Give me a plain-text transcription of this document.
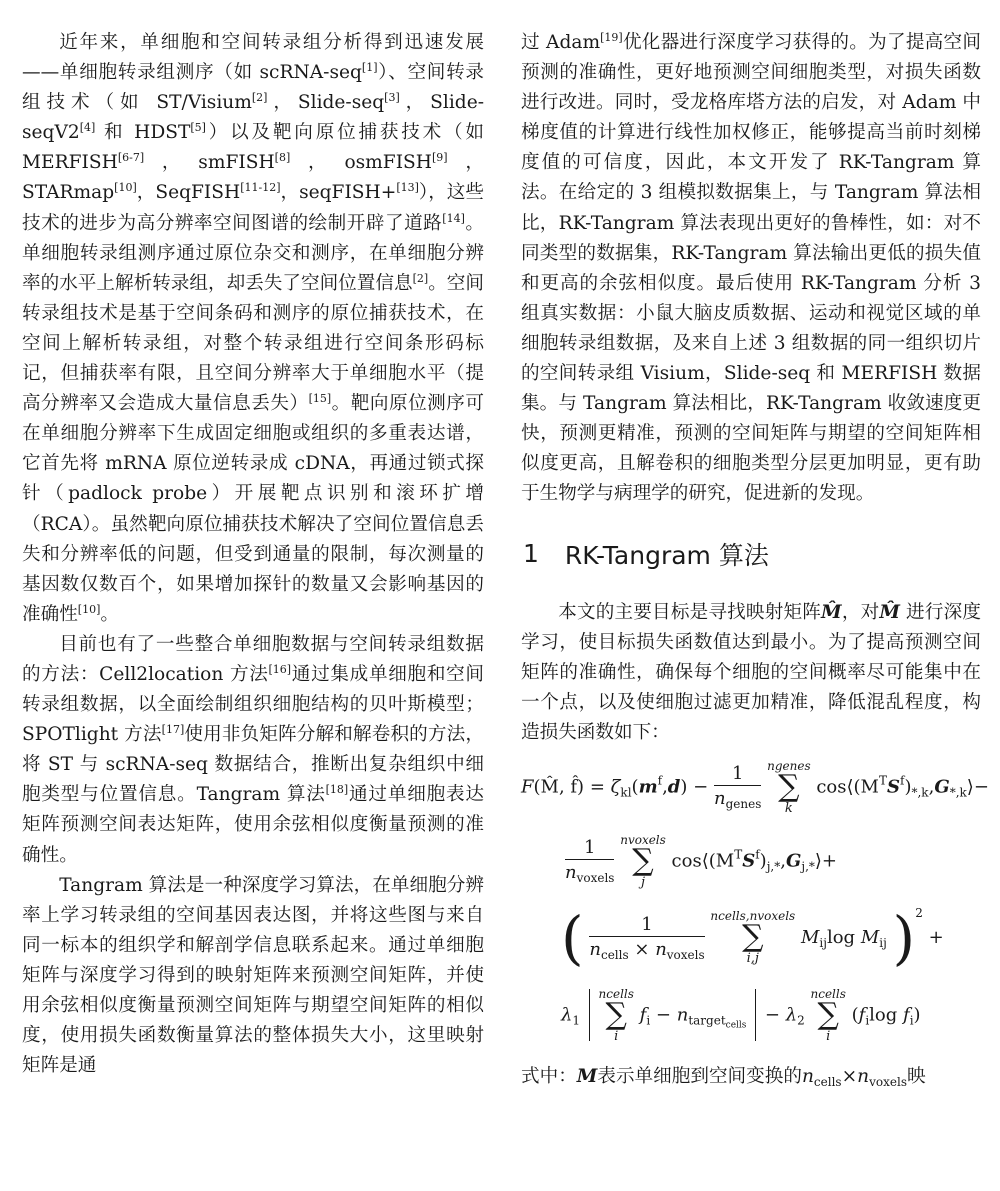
近年来，单细胞和空间转录组分析得到迅速发展——单细胞转录组测序（如 scRNA-seq[1]）、空间转录组技术（如 ST/Visium[2]，Slide-seq[3]，Slide-seqV2[4] 和 HDST[5]）以及靶向原位捕获技术（如 MERFISH[6-7]，smFISH[8]，osmFISH[9]，STARmap[10]，SeqFISH[11-12]，seqFISH+[13]），这些技术的进步为高分辨率空间图谱的绘制开辟了道路[14]。单细胞转录组测序通过原位杂交和测序，在单细胞分辨率的水平上解析转录组，却丢失了空间位置信息[2]。空间转录组技术是基于空间条码和测序的原位捕获技术，在空间上解析转录组，对整个转录组进行空间条形码标记，但捕获率有限，且空间分辨率大于单细胞水平（提高分辨率又会造成大量信息丢失）[15]。靶向原位测序可在单细胞分辨率下生成固定细胞或组织的多重表达谱，它首先将 mRNA 原位逆转录成 cDNA，再通过锁式探针（padlock probe）开展靶点识别和滚环扩增（RCA）。虽然靶向原位捕获技术解决了空间位置信息丢失和分辨率低的问题，但受到通量的限制，每次测量的基因数仅数百个，如果增加探针的数量又会影响基因的准确性[10]。

目前也有了一些整合单细胞数据与空间转录组数据的方法：Cell2location 方法[16]通过集成单细胞和空间转录组数据，以全面绘制组织细胞结构的贝叶斯模型；SPOTlight 方法[17]使用非负矩阵分解和解卷积的方法，将 ST 与 scRNA-seq 数据结合，推断出复杂组织中细胞类型与位置信息。Tangram 算法[18]通过单细胞表达矩阵预测空间表达矩阵，使用余弦相似度衡量预测的准确性。

Tangram 算法是一种深度学习算法，在单细胞分辨率上学习转录组的空间基因表达图，并将这些图与来自同一标本的组织学和解剖学信息联系起来。通过单细胞矩阵与深度学习得到的映射矩阵来预测空间矩阵，并使用余弦相似度衡量预测空间矩阵与期望空间矩阵的相似度，使用损失函数衡量算法的整体损失大小，这里映射矩阵是通

过 Adam[19]优化器进行深度学习获得的。为了提高空间预测的准确性，更好地预测空间细胞类型，对损失函数进行改进。同时，受龙格库塔方法的启发，对 Adam 中梯度值的计算进行线性加权修正，能够提高当前时刻梯度值的可信度，因此，本文开发了 RK-Tangram 算法。在给定的 3 组模拟数据集上，与 Tangram 算法相比，RK-Tangram 算法表现出更好的鲁棒性，如：对不同类型的数据集，RK-Tangram 算法输出更低的损失值和更高的余弦相似度。最后使用 RK-Tangram 分析 3 组真实数据：小鼠大脑皮质数据、运动和视觉区域的单细胞转录组数据，及来自上述 3 组数据的同一组织切片的空间转录组 Visium，Slide-seq 和 MERFISH 数据集。与 Tangram 算法相比，RK-Tangram 收敛速度更快，预测更精准，预测的空间矩阵与期望的空间矩阵相似度更高，且解卷积的细胞类型分层更加明显，更有助于生物学与病理学的研究，促进新的发现。

1 RK-Tangram 算法

本文的主要目标是寻找映射矩阵M̂，对M̂ 进行深度学习，使目标损失函数值达到最小。为了提高预测空间矩阵的准确性，确保每个细胞的空间概率尽可能集中在一个点，以及使细胞过滤更加精准，降低混乱程度，构造损失函数如下：

F(M̂, f̂) = $\zeta_{kl}(m^f,d) - \frac{1}{n_{genes}}$
ngenes
∑
k
$\cos⟨(M^TS^f)_{*,k},G_{*,k}⟩-$
$\frac{1}{n_{voxels}}$
nvoxels
∑
j
$\cos⟨(M^TS^f)_{j,*},G_{j,*}⟩+$
( $\frac{1}{n_{cells} \times n_{voxels}}$
ncells,nvoxels
∑
i,j
$M_{ij}\log$ $M_{ij}$ )$^2$ +
$\lambda_1$
ncells
∑
i
$f_i - n_{targetcells} - \lambda_2$
ncells
∑
i
($f_i\log$ $f_i$)
式中：M表示单细胞到空间变换的$n_{cells}\times n_{voxels}$映
